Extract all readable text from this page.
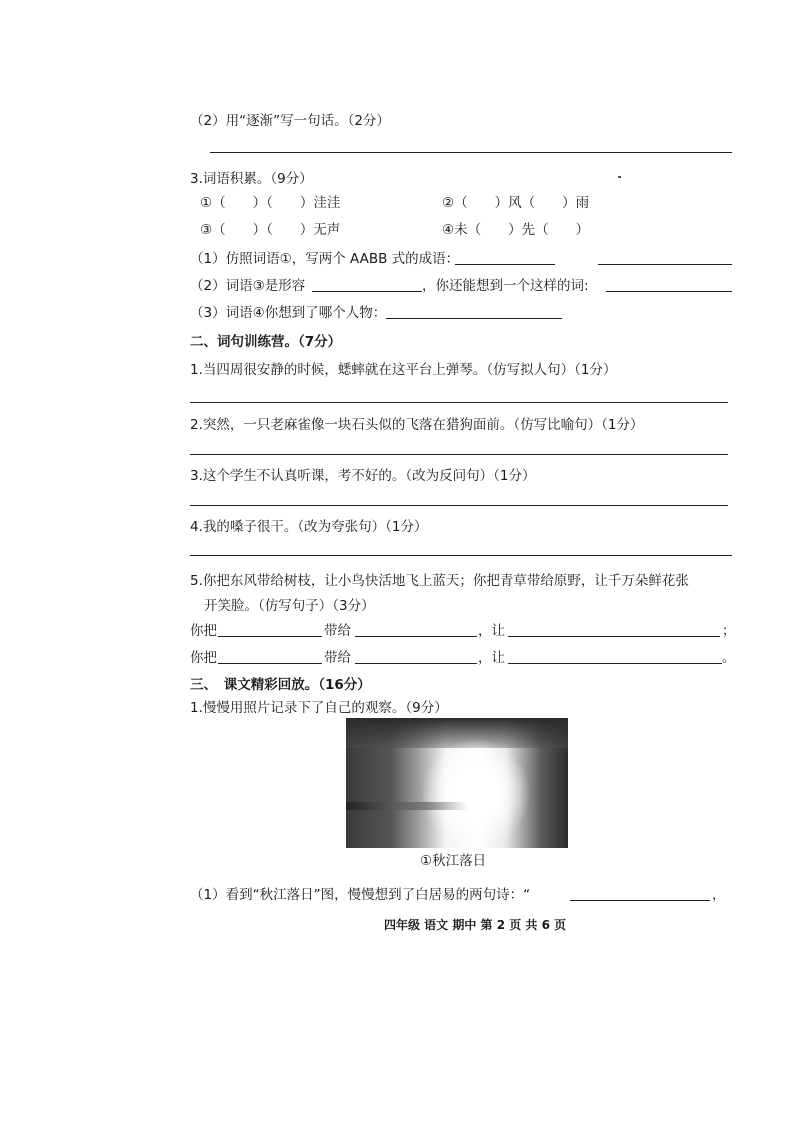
（2）用“逐渐”写一句话。（2分）
3.词语积累。（9分）
①（　　）（　　）洼洼	②（　　）风（　　）雨
③（　　）（　　）无声	④未（　　）先（　　）
（1）仿照词语①，写两个 AABB 式的成语：
（2）词语③是形容	，你还能想到一个这样的词:
（3）词语④你想到了哪个人物：
二、词句训练营。（7分）
1.当四周很安静的时候，蟋蟀就在这平台上弹琴。（仿写拟人句）（1分）
2.突然，一只老麻雀像一块石头似的飞落在猎狗面前。（仿写比喻句）（1分）
3.这个学生不认真听课，考不好的。（改为反问句）（1分）
4.我的嗓子很干。（改为夸张句）（1分）
5.你把东风带给树枝，让小鸟快活地飞上蓝天；你把青草带给原野，让千万朵鲜花张
开笑脸。（仿写句子）（3分）
你把	带给	，让	；
你把	带给	，让	。
三、　课文精彩回放。（16分）
1.慢慢用照片记录下了自己的观察。（9分）
①秋江落日
（1）看到“秋江落日”图，慢慢想到了白居易的两句诗：“	，
四年级 语文 期中 第 2 页 共 6 页
